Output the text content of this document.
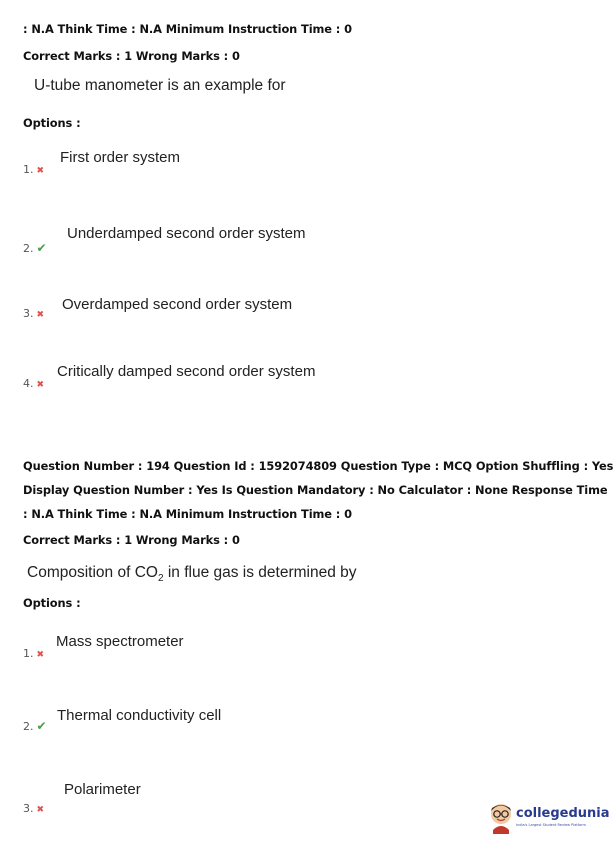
: N.A Think Time : N.A Minimum Instruction Time : 0
Correct Marks : 1 Wrong Marks : 0
U-tube manometer is an example for
Options :
First order system
1. ✖
Underdamped second order system
2. ✔
Overdamped second order system
3. ✖
Critically damped second order system
4. ✖
Question Number : 194 Question Id : 1592074809 Question Type : MCQ Option Shuffling : Yes
Display Question Number : Yes Is Question Mandatory : No Calculator : None Response Time
: N.A Think Time : N.A Minimum Instruction Time : 0
Correct Marks : 1 Wrong Marks : 0
Composition of $CO_2$ in flue gas is determined by
Options :
Mass spectrometer
1. ✖
Thermal conductivity cell
2. ✔
Polarimeter
3. ✖	collegedunia
India's Largest Student Review Platform
